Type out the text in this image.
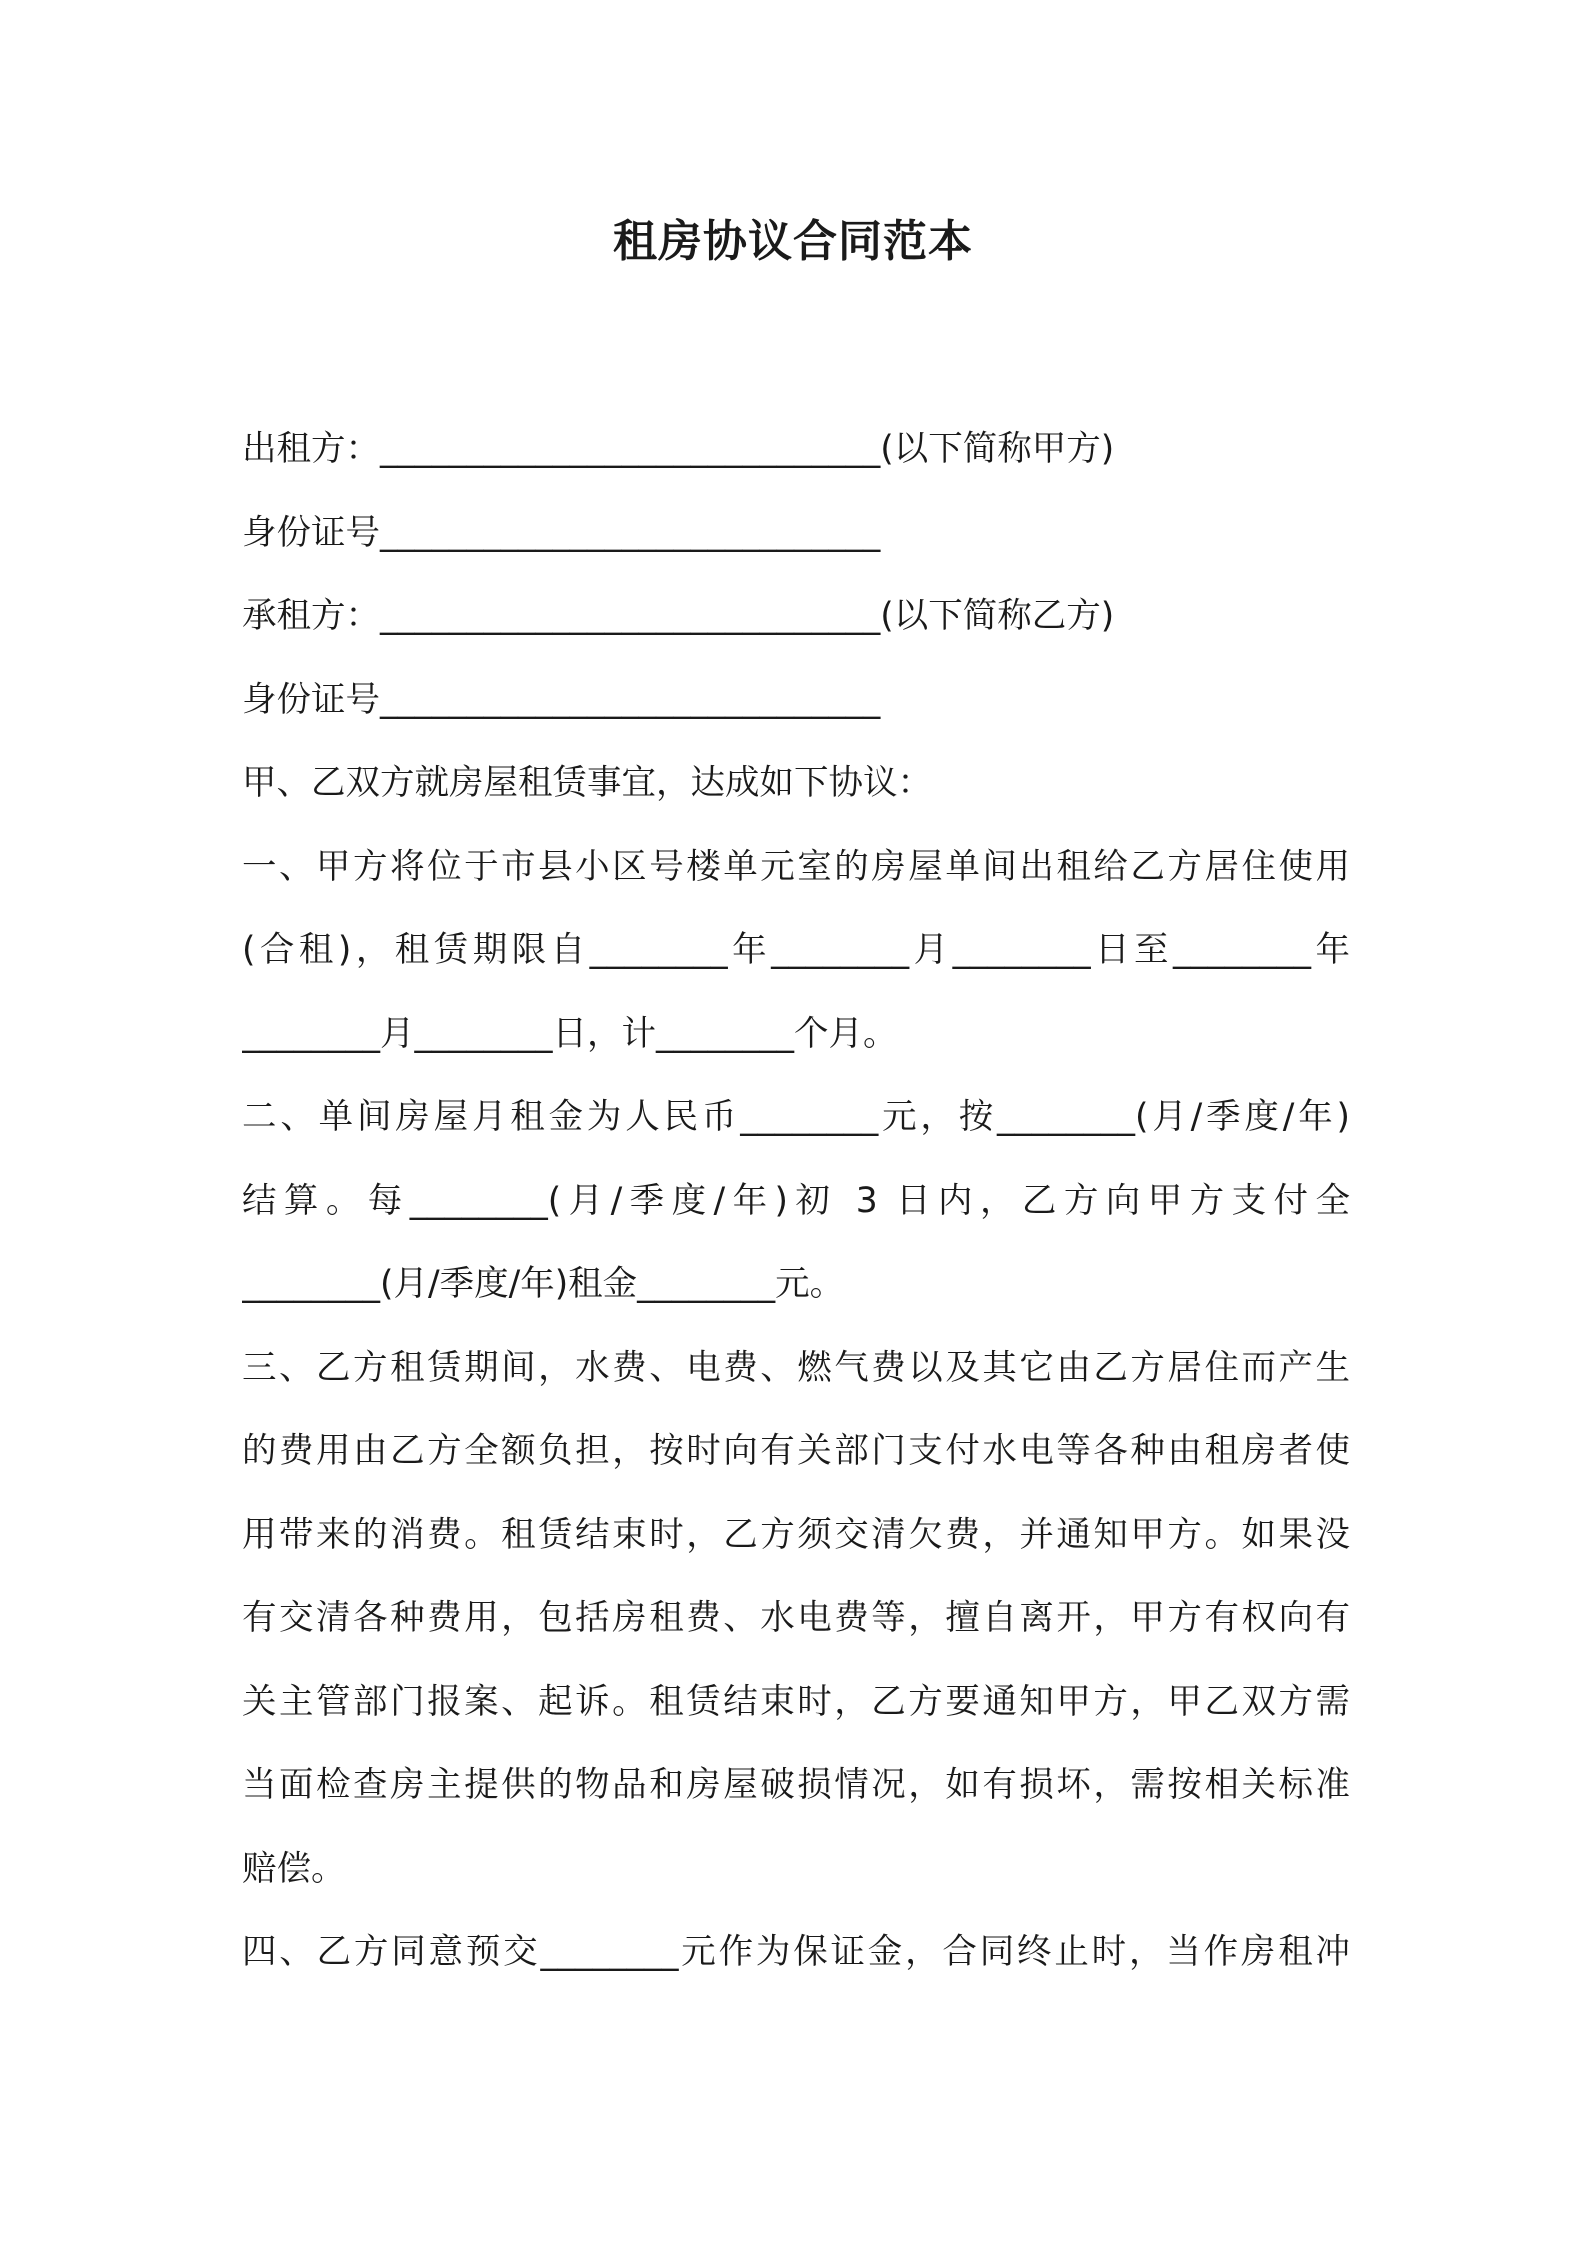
租房协议合同范本
出租方：_____________________________(以下简称甲方)
身份证号_____________________________
承租方：_____________________________(以下简称乙方)
身份证号_____________________________
甲、乙双方就房屋租赁事宜，达成如下协议：
一、甲方将位于市县小区号楼单元室的房屋单间出租给乙方居住使用
(合租)，租赁期限自________年________月________日至________年
________月________日，计________个月。
二、单间房屋月租金为人民币________元，按________(月/季度/年)
结算。每________(月/季度/年)初 3 日内，乙方向甲方支付全
________(月/季度/年)租金________元。
三、乙方租赁期间，水费、电费、燃气费以及其它由乙方居住而产生
的费用由乙方全额负担，按时向有关部门支付水电等各种由租房者使
用带来的消费。租赁结束时，乙方须交清欠费，并通知甲方。如果没
有交清各种费用，包括房租费、水电费等，擅自离开，甲方有权向有
关主管部门报案、起诉。租赁结束时，乙方要通知甲方，甲乙双方需
当面检查房主提供的物品和房屋破损情况，如有损坏，需按相关标准
赔偿。
四、乙方同意预交________元作为保证金，合同终止时，当作房租冲
